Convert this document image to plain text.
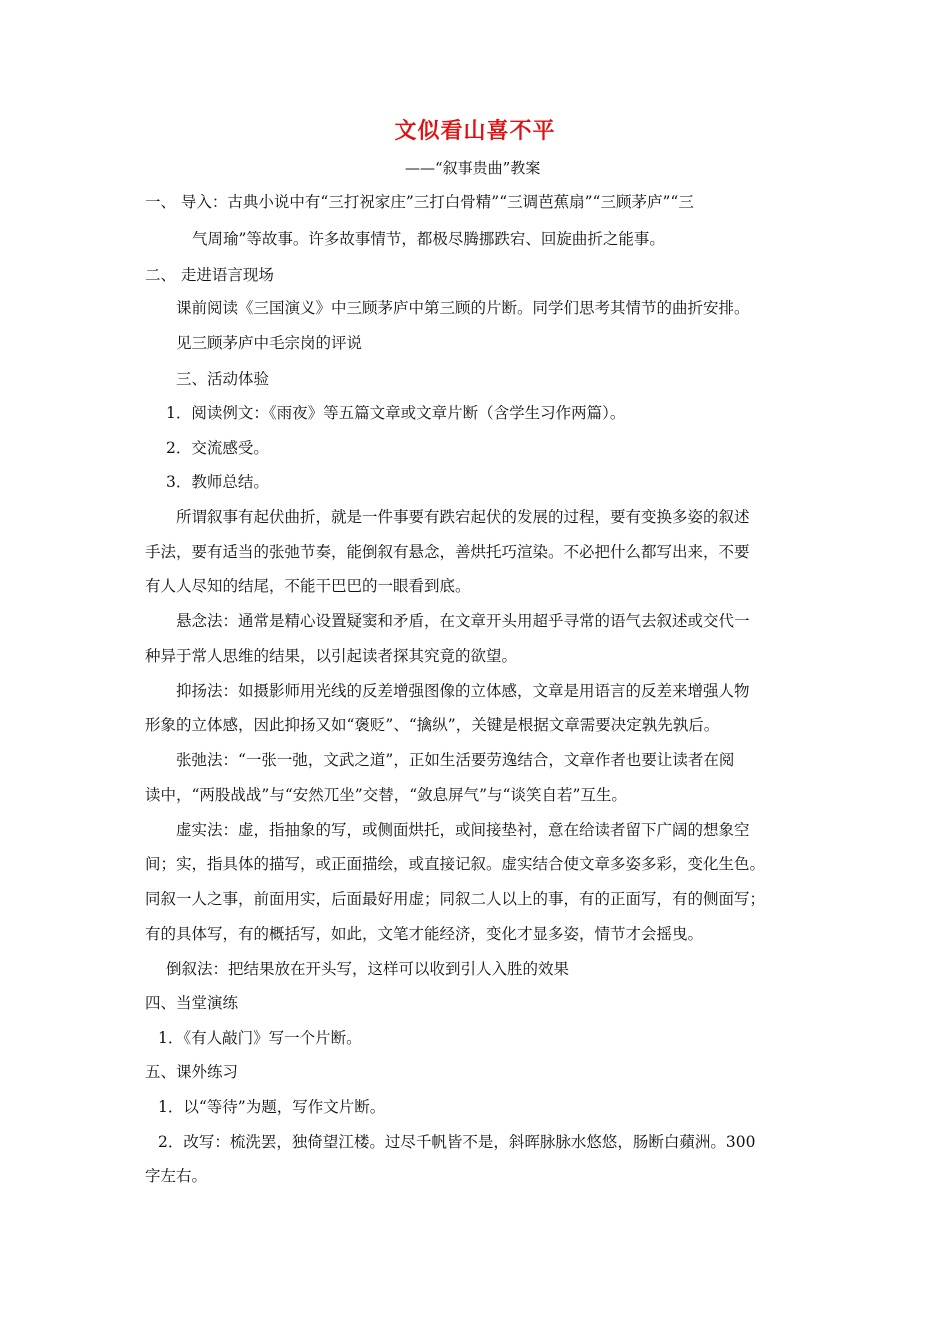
文似看山喜不平
——“叙事贵曲”教案
一、 导入：古典小说中有“三打祝家庄”三打白骨精”“三调芭蕉扇”“三顾茅庐”“三
气周瑜”等故事。许多故事情节，都极尽腾挪跌宕、回旋曲折之能事。
二、 走进语言现场
课前阅读《三国演义》中三顾茅庐中第三顾的片断。同学们思考其情节的曲折安排。
见三顾茅庐中毛宗岗的评说
三、活动体验
1．阅读例文：《雨夜》等五篇文章或文章片断（含学生习作两篇）。
2．交流感受。
3．教师总结。
所谓叙事有起伏曲折，就是一件事要有跌宕起伏的发展的过程，要有变换多姿的叙述
手法，要有适当的张弛节奏，能倒叙有悬念，善烘托巧渲染。不必把什么都写出来，不要
有人人尽知的结尾，不能干巴巴的一眼看到底。
悬念法：通常是精心设置疑窦和矛盾，在文章开头用超乎寻常的语气去叙述或交代一
种异于常人思维的结果，以引起读者探其究竟的欲望。
抑扬法：如摄影师用光线的反差增强图像的立体感，文章是用语言的反差来增强人物
形象的立体感，因此抑扬又如“褒贬”、“擒纵”，关键是根据文章需要决定孰先孰后。
张弛法：“一张一弛，文武之道”，正如生活要劳逸结合，文章作者也要让读者在阅
读中，“两股战战”与“安然兀坐”交替，“敛息屏气”与“谈笑自若”互生。
虚实法：虚，指抽象的写，或侧面烘托，或间接垫衬，意在给读者留下广阔的想象空
间；实，指具体的描写，或正面描绘，或直接记叙。虚实结合使文章多姿多彩，变化生色。
同叙一人之事，前面用实，后面最好用虚；同叙二人以上的事，有的正面写，有的侧面写；
有的具体写，有的概括写，如此，文笔才能经济，变化才显多姿，情节才会摇曳。
倒叙法：把结果放在开头写，这样可以收到引人入胜的效果
四、当堂演练
1．《有人敲门》写一个片断。
五、课外练习
1．以“等待”为题，写作文片断。
2．改写：梳洗罢，独倚望江楼。过尽千帆皆不是，斜晖脉脉水悠悠，肠断白蘋洲。300
字左右。
